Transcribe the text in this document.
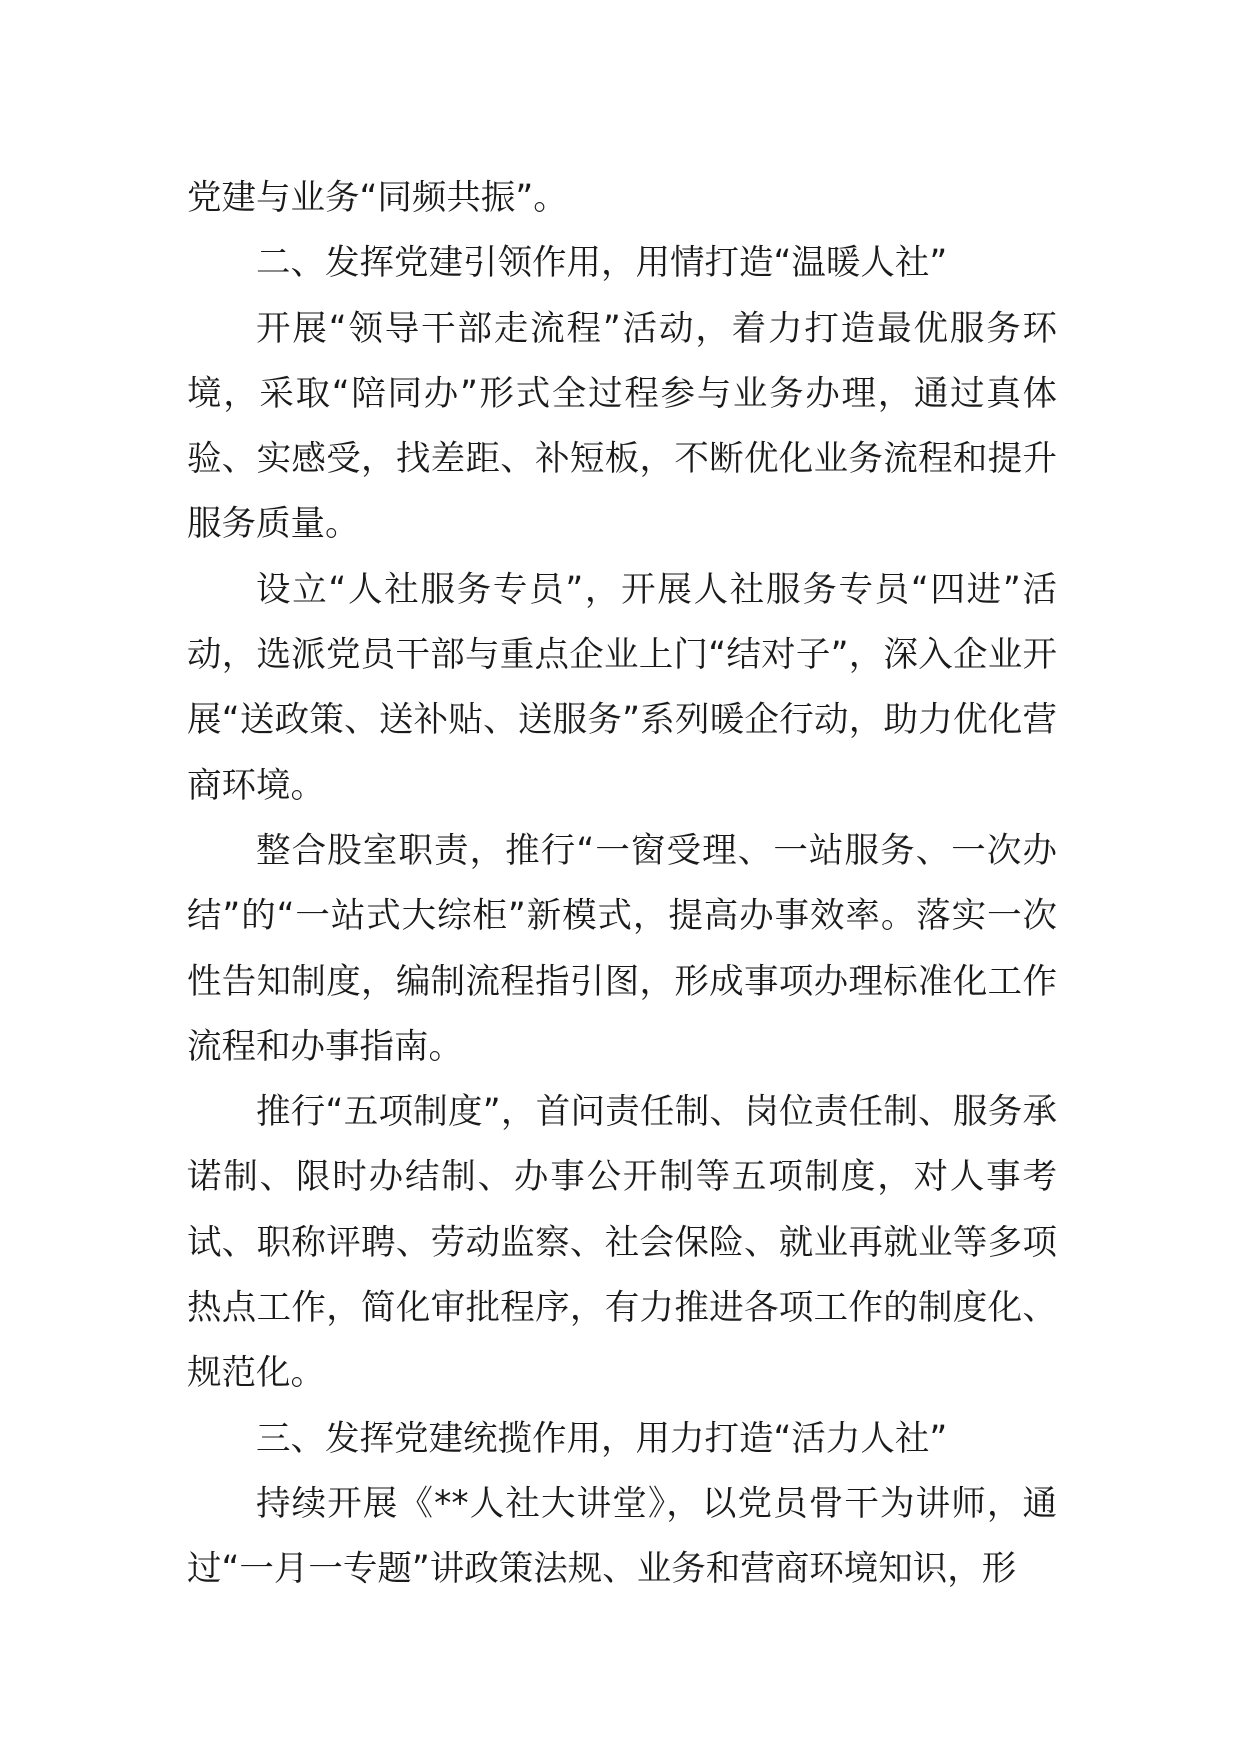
党建与业务“同频共振”。

二、发挥党建引领作用，用情打造“温暖人社”

开展“领导干部走流程”活动，着力打造最优服务环境，采取“陪同办”形式全过程参与业务办理，通过真体验、实感受，找差距、补短板，不断优化业务流程和提升服务质量。

设立“人社服务专员”，开展人社服务专员“四进”活动，选派党员干部与重点企业上门“结对子”，深入企业开展“送政策、送补贴、送服务”系列暖企行动，助力优化营商环境。

整合股室职责，推行“一窗受理、一站服务、一次办结”的“一站式大综柜”新模式，提高办事效率。落实一次性告知制度，编制流程指引图，形成事项办理标准化工作流程和办事指南。

推行“五项制度”，首问责任制、岗位责任制、服务承诺制、限时办结制、办事公开制等五项制度，对人事考试、职称评聘、劳动监察、社会保险、就业再就业等多项热点工作，简化审批程序，有力推进各项工作的制度化、规范化。

三、发挥党建统揽作用，用力打造“活力人社”

持续开展《**人社大讲堂》，以党员骨干为讲师，通过“一月一专题”讲政策法规、业务和营商环境知识，形
